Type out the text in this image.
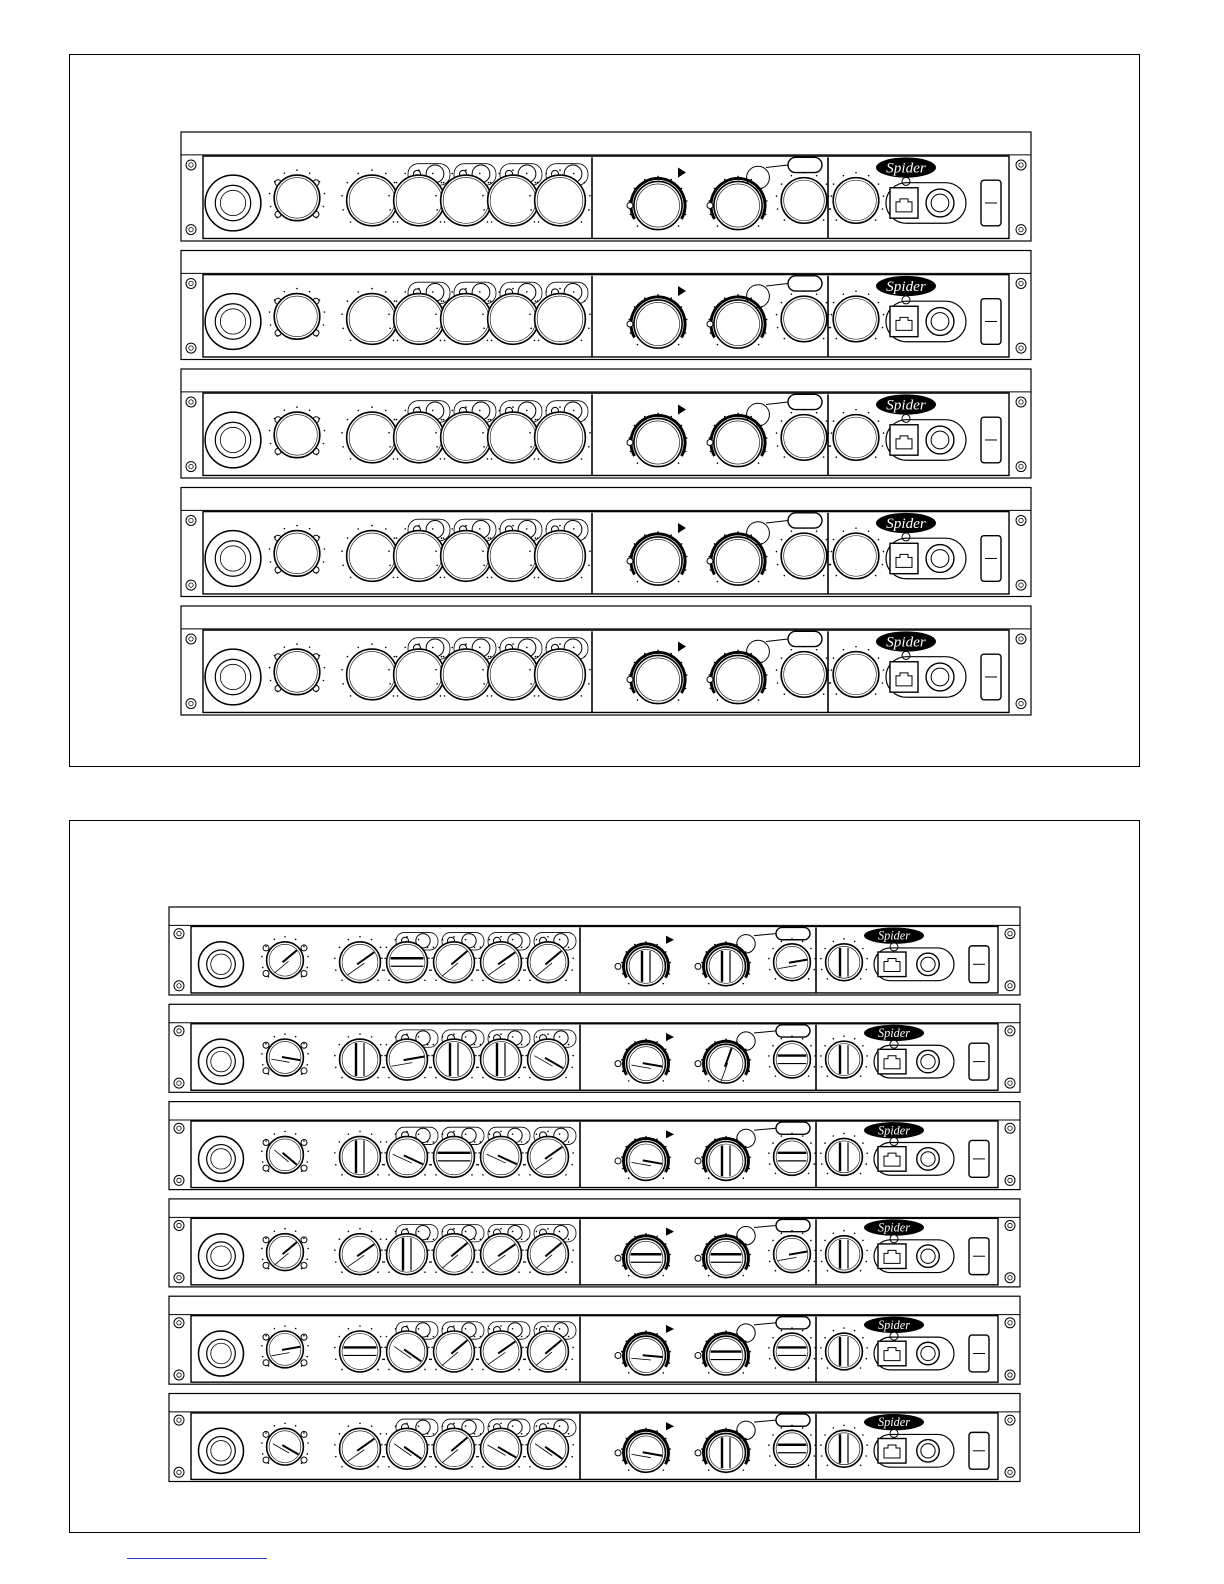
Spider
Spider
Spider
Spider
Spider
Spider
Spider
Spider
Spider
Spider
Spider
